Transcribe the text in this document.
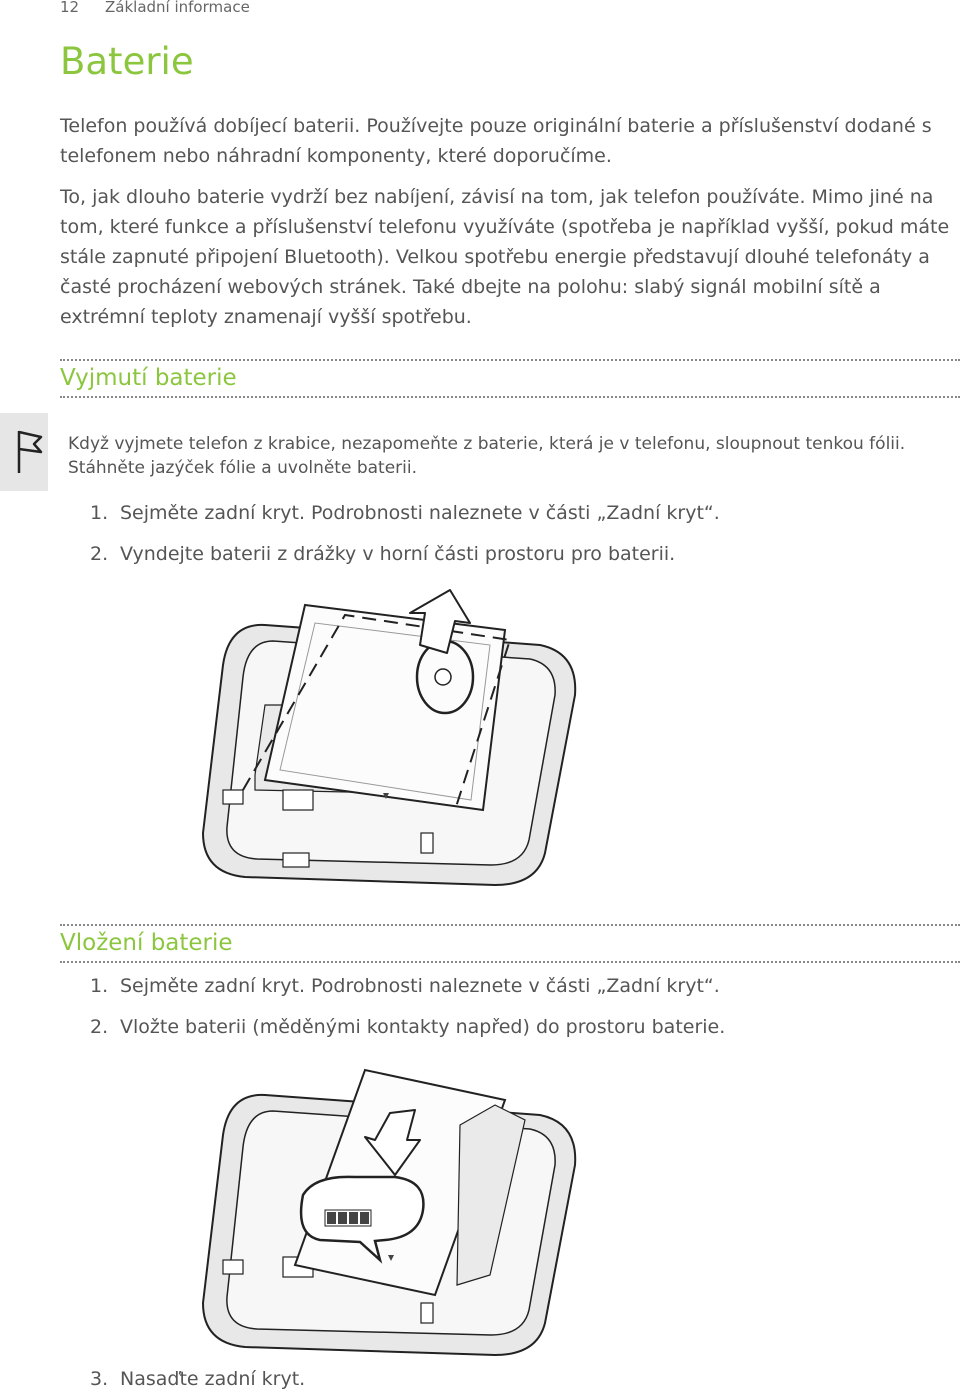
12 Základní informace
Baterie
Telefon používá dobíjecí baterii. Používejte pouze originální baterie a příslušenství dodané s telefonem nebo náhradní komponenty, které doporučíme.
To, jak dlouho baterie vydrží bez nabíjení, závisí na tom, jak telefon používáte. Mimo jiné na tom, které funkce a příslušenství telefonu využíváte (spotřeba je například vyšší, pokud máte stále zapnuté připojení Bluetooth). Velkou spotřebu energie představují dlouhé telefonáty a časté procházení webových stránek. Také dbejte na polohu: slabý signál mobilní sítě a extrémní teploty znamenají vyšší spotřebu.
Vyjmutí baterie
Když vyjmete telefon z krabice, nezapomeňte z baterie, která je v telefonu, sloupnout tenkou fólii. Stáhněte jazýček fólie a uvolněte baterii.
1. Sejměte zadní kryt. Podrobnosti naleznete v části „Zadní kryt“.
2. Vyndejte baterii z drážky v horní části prostoru pro baterii.
Vložení baterie
1. Sejměte zadní kryt. Podrobnosti naleznete v části „Zadní kryt“.
2. Vložte baterii (měděnými kontakty napřed) do prostoru baterie.
3. Nasaďte zadní kryt.
